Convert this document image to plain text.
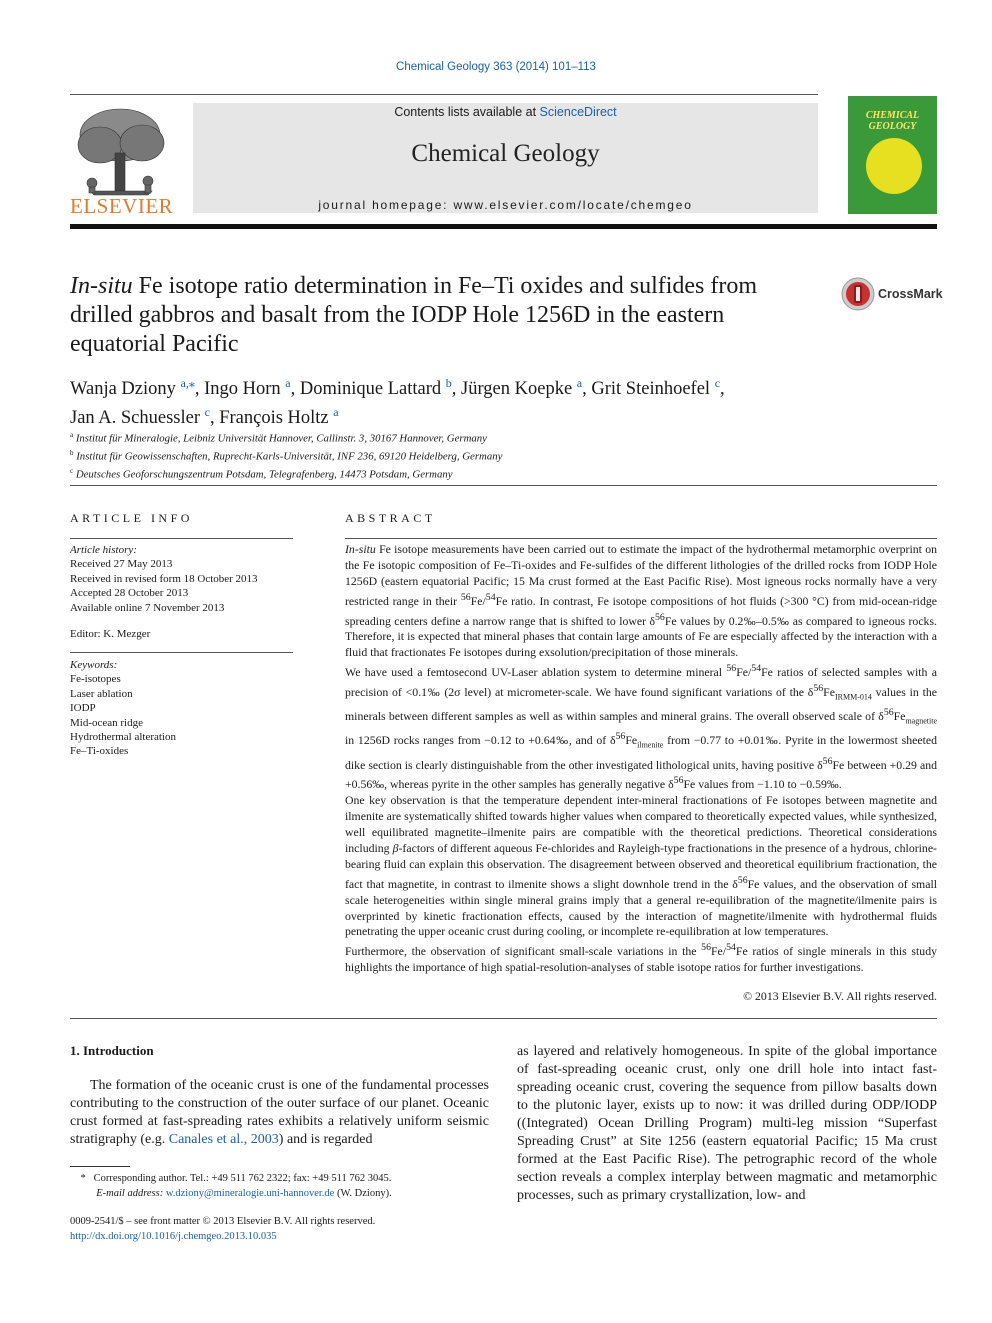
Chemical Geology 363 (2014) 101–113
ELSEVIER
Contents lists available at ScienceDirect
Chemical Geology
journal homepage: www.elsevier.com/locate/chemgeo
CHEMICAL GEOLOGY
In-situ Fe isotope ratio determination in Fe–Ti oxides and sulfides from drilled gabbros and basalt from the IODP Hole 1256D in the eastern equatorial Pacific
CrossMark
Wanja Dziony $^{a,⁎}$, Ingo Horn $^a$, Dominique Lattard $^b$, Jürgen Koepke $^a$, Grit Steinhoefel $^c$,
Jan A. Schuessler $^c$, François Holtz $^a$
$^a$ Institut für Mineralogie, Leibniz Universität Hannover, Callinstr. 3, 30167 Hannover, Germany
$^b$ Institut für Geowissenschaften, Ruprecht-Karls-Universität, INF 236, 69120 Heidelberg, Germany
$^c$ Deutsches Geoforschungszentrum Potsdam, Telegrafenberg, 14473 Potsdam, Germany
ARTICLE INFO	ABSTRACT
Article history:
Received 27 May 2013
Received in revised form 18 October 2013
Accepted 28 October 2013
Available online 7 November 2013
Editor: K. Mezger
Keywords:
Fe-isotopes
Laser ablation
IODP
Mid-ocean ridge
Hydrothermal alteration
Fe–Ti-oxides

In-situ Fe isotope measurements have been carried out to estimate the impact of the hydrothermal metamorphic overprint on the Fe isotopic composition of Fe–Ti-oxides and Fe-sulfides of the different lithologies of the drilled rocks from IODP Hole 1256D (eastern equatorial Pacific; 15 Ma crust formed at the East Pacific Rise). Most igneous rocks normally have a very restricted range in their $^{56}$Fe/$^{54}$Fe ratio. In contrast, Fe isotope compositions of hot fluids (>300 °C) from mid-ocean-ridge spreading centers define a narrow range that is shifted to lower $\delta^{56}Fe$ values by 0.2‰–0.5‰ as compared to igneous rocks. Therefore, it is expected that mineral phases that contain large amounts of Fe are especially affected by the interaction with a fluid that fractionates Fe isotopes during exsolution/precipitation of those minerals.

We have used a femtosecond UV-Laser ablation system to determine mineral $^{56}$Fe/$^{54}$Fe ratios of selected samples with a precision of <0.1‰ (2σ level) at micrometer-scale. We have found significant variations of the $\delta^{56}Fe_{IRMM-014}$ values in the minerals between different samples as well as within samples and mineral grains. The overall observed scale of $\delta^{56}Fe_{magnetite}$ in 1256D rocks ranges from −0.12 to +0.64‰, and of $\delta^{56}Fe_{ilmenite}$ from −0.77 to +0.01‰. Pyrite in the lowermost sheeted dike section is clearly distinguishable from the other investigated lithological units, having positive $\delta^{56}Fe$ between +0.29 and +0.56‰, whereas pyrite in the other samples has generally negative $\delta^{56}Fe$ values from −1.10 to −0.59‰.

One key observation is that the temperature dependent inter-mineral fractionations of Fe isotopes between magnetite and ilmenite are systematically shifted towards higher values when compared to theoretically expected values, while synthesized, well equilibrated magnetite–ilmenite pairs are compatible with the theoretical predictions. Theoretical considerations including β-factors of different aqueous Fe-chlorides and Rayleigh-type fractionations in the presence of a hydrous, chlorine-bearing fluid can explain this observation. The disagreement between observed and theoretical equilibrium fractionation, the fact that magnetite, in contrast to ilmenite shows a slight downhole trend in the $\delta^{56}Fe$ values, and the observation of small scale heterogeneities within single mineral grains imply that a general re-equilibration of the magnetite/ilmenite pairs is overprinted by kinetic fractionation effects, caused by the interaction of magnetite/ilmenite with hydrothermal fluids penetrating the upper oceanic crust during cooling, or incomplete re-equilibration at low temperatures.

Furthermore, the observation of significant small-scale variations in the $^{56}$Fe/$^{54}$Fe ratios of single minerals in this study highlights the importance of high spatial-resolution-analyses of stable isotope ratios for further investigations.

© 2013 Elsevier B.V. All rights reserved.
1. Introduction
The formation of the oceanic crust is one of the fundamental processes contributing to the construction of the outer surface of our planet. Oceanic crust formed at fast-spreading rates exhibits a relatively uniform seismic stratigraphy (e.g. Canales et al., 2003) and is regarded
as layered and relatively homogeneous. In spite of the global importance of fast-spreading oceanic crust, only one drill hole into intact fast-spreading oceanic crust, covering the sequence from pillow basalts down to the plutonic layer, exists up to now: it was drilled during ODP/IODP ((Integrated) Ocean Drilling Program) multi-leg mission “Superfast Spreading Crust” at Site 1256 (eastern equatorial Pacific; 15 Ma crust formed at the East Pacific Rise). The petrographic record of the whole section reveals a complex interplay between magmatic and metamorphic processes, such as primary crystallization, low- and
* Corresponding author. Tel.: +49 511 762 2322; fax: +49 511 762 3045.
E-mail address: w.dziony@mineralogie.uni-hannover.de (W. Dziony).
0009-2541/$ – see front matter © 2013 Elsevier B.V. All rights reserved.
http://dx.doi.org/10.1016/j.chemgeo.2013.10.035
